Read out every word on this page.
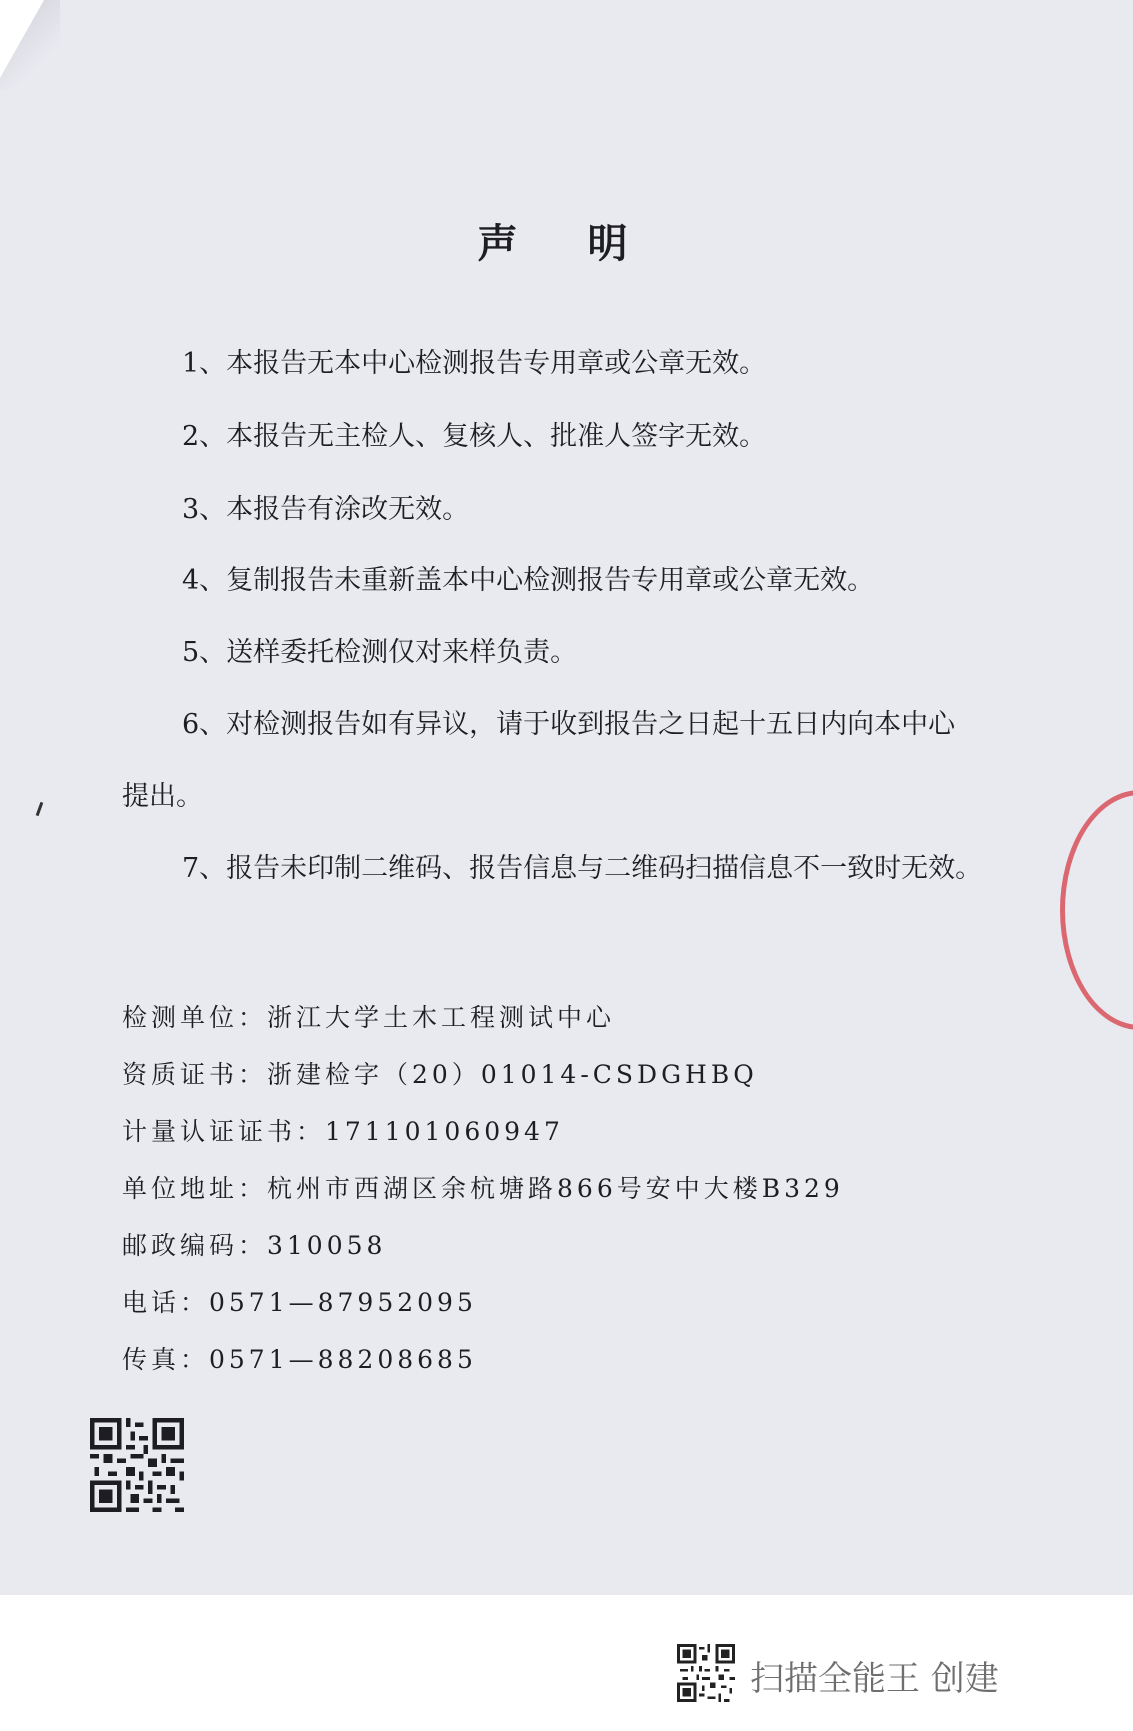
声 明
1、本报告无本中心检测报告专用章或公章无效。
2、本报告无主检人、复核人、批准人签字无效。
3、本报告有涂改无效。
4、复制报告未重新盖本中心检测报告专用章或公章无效。
5、送样委托检测仅对来样负责。
6、对检测报告如有异议，请于收到报告之日起十五日内向本中心
提出。
7、报告未印制二维码、报告信息与二维码扫描信息不一致时无效。
检测单位：浙江大学土木工程测试中心
资质证书：浙建检字（20）01014-CSDGHBQ
计量认证证书：171101060947
单位地址：杭州市西湖区余杭塘路866号安中大楼B329
邮政编码：310058
电话：0571—87952095
传真：0571—88208685
扫描全能王 创建
